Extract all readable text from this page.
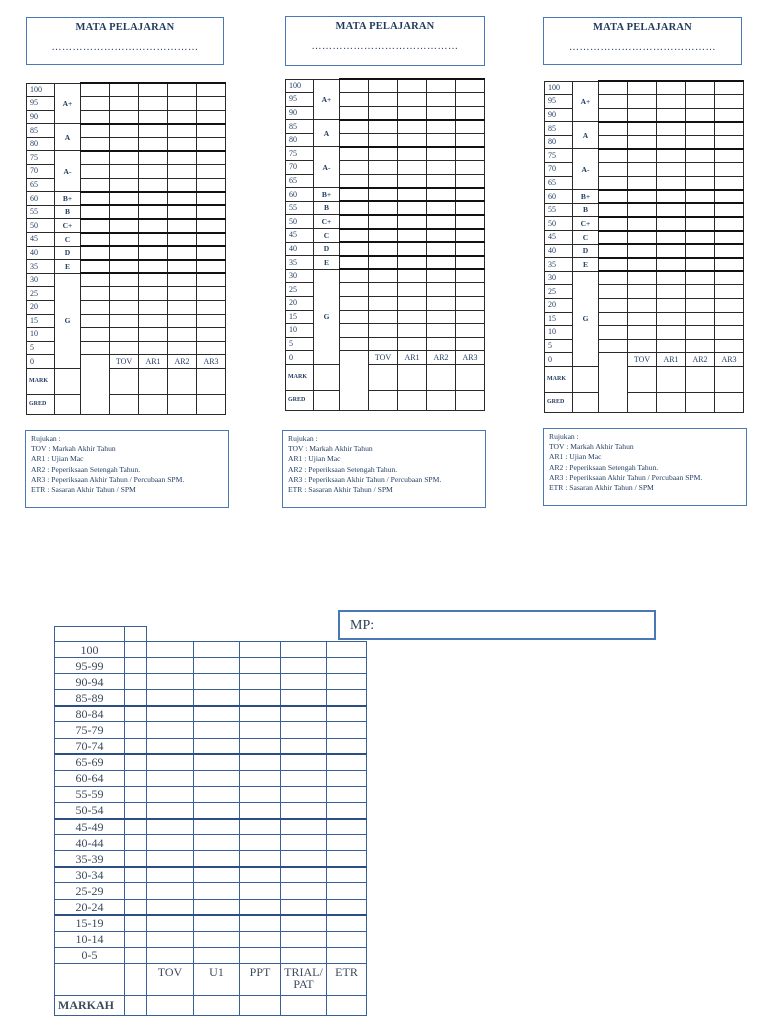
MATA PELAJARAN
……………………………………
100	A+						
95							
90							
85	A						
80							
75	A-						
70							
65							
60	B+						
55	B						
50	C+						
45	C						
40	D						
35	E						
30	G						
25							
20							
15							
10							
5							
0			TOV	AR1	AR2	AR3	
MARK							
GRED							
Rujukan :
TOV : Markah Akhir Tahun
AR1 : Ujian Mac
AR2 : Peperiksaan Setengah Tahun.
AR3 : Peperiksaan Akhir Tahun / Percubaan SPM.
ETR : Sasaran Akhir Tahun / SPM
MATA PELAJARAN
……………………………………
100	A+						
95							
90							
85	A						
80							
75	A-						
70							
65							
60	B+						
55	B						
50	C+						
45	C						
40	D						
35	E						
30	G						
25							
20							
15							
10							
5							
0			TOV	AR1	AR2	AR3	
MARK							
GRED							
Rujukan :
TOV : Markah Akhir Tahun
AR1 : Ujian Mac
AR2 : Peperiksaan Setengah Tahun.
AR3 : Peperiksaan Akhir Tahun / Percubaan SPM.
ETR : Sasaran Akhir Tahun / SPM
MATA PELAJARAN
……………………………………
100	A+						
95							
90							
85	A						
80							
75	A-						
70							
65							
60	B+						
55	B						
50	C+						
45	C						
40	D						
35	E						
30	G						
25							
20							
15							
10							
5							
0			TOV	AR1	AR2	AR3	
MARK							
GRED							
Rujukan :
TOV : Markah Akhir Tahun
AR1 : Ujian Mac
AR2 : Peperiksaan Setengah Tahun.
AR3 : Peperiksaan Akhir Tahun / Percubaan SPM.
ETR : Sasaran Akhir Tahun / SPM
MP:

100						
95-99						
90-94						
85-89						
80-84						
75-79						
70-74						
65-69						
60-64						
55-59						
50-54						
45-49						
40-44						
35-39						
30-34						
25-29						
20-24						
15-19						
10-14						
0-5						
		TOV	U1	PPT	TRIAL/ PAT	ETR
MARKAH						
